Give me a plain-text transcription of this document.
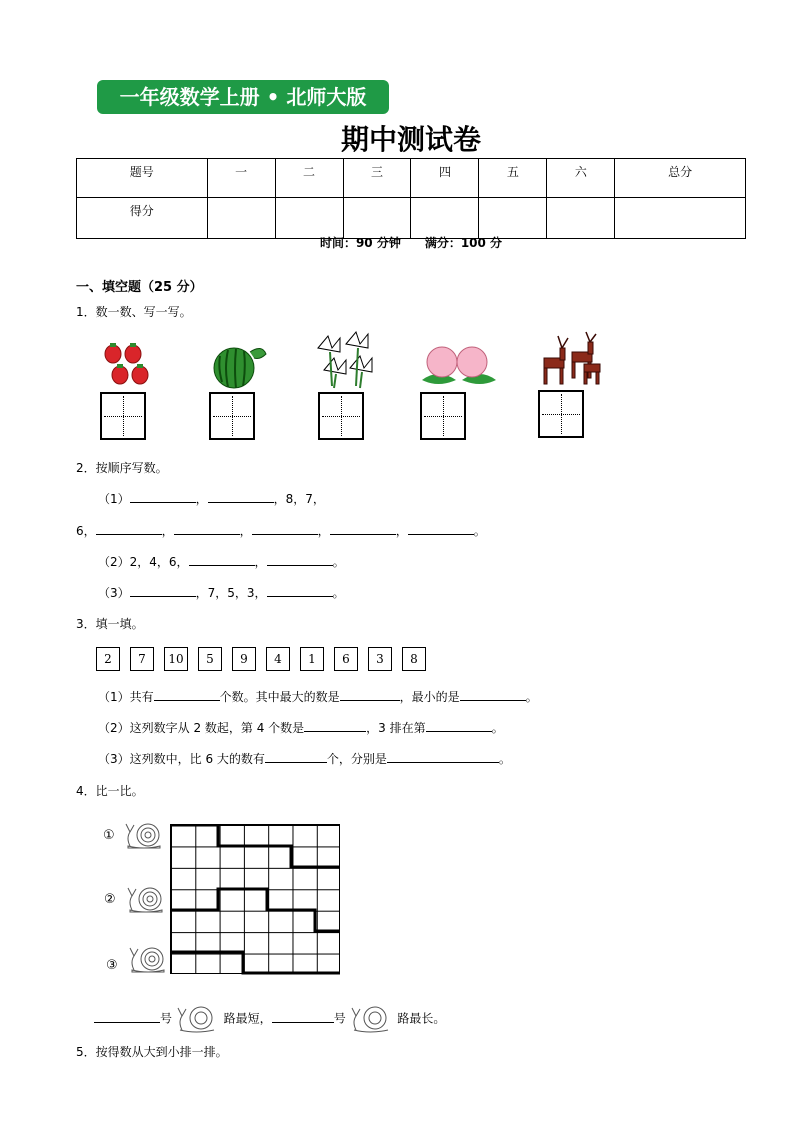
一年级数学上册 • 北师大版
期中测试卷
题号	一	二	三	四	五	六	总分
得分							
时间：90 分钟　　满分：100 分
一、填空题（25 分）
1．数一数、写一写。
2．按顺序写数。
（1）	，	，8，7，
6，	，	，	，	，	。
（2）2，4，6，	，	。
（3）	，7，5，3，	。
3．填一填。
2 7 10 5 9 4 1 6 3 8
（1）共有	个数。其中最大的数是	，最小的是	。
（2）这列数字从 2 数起，第 4 个数是	，3 排在第	。
（3）这列数中，比 6 大的数有	个，分别是	。
4．比一比。
①
②
③
号	路最短，	号	路最长。
5．按得数从大到小排一排。
